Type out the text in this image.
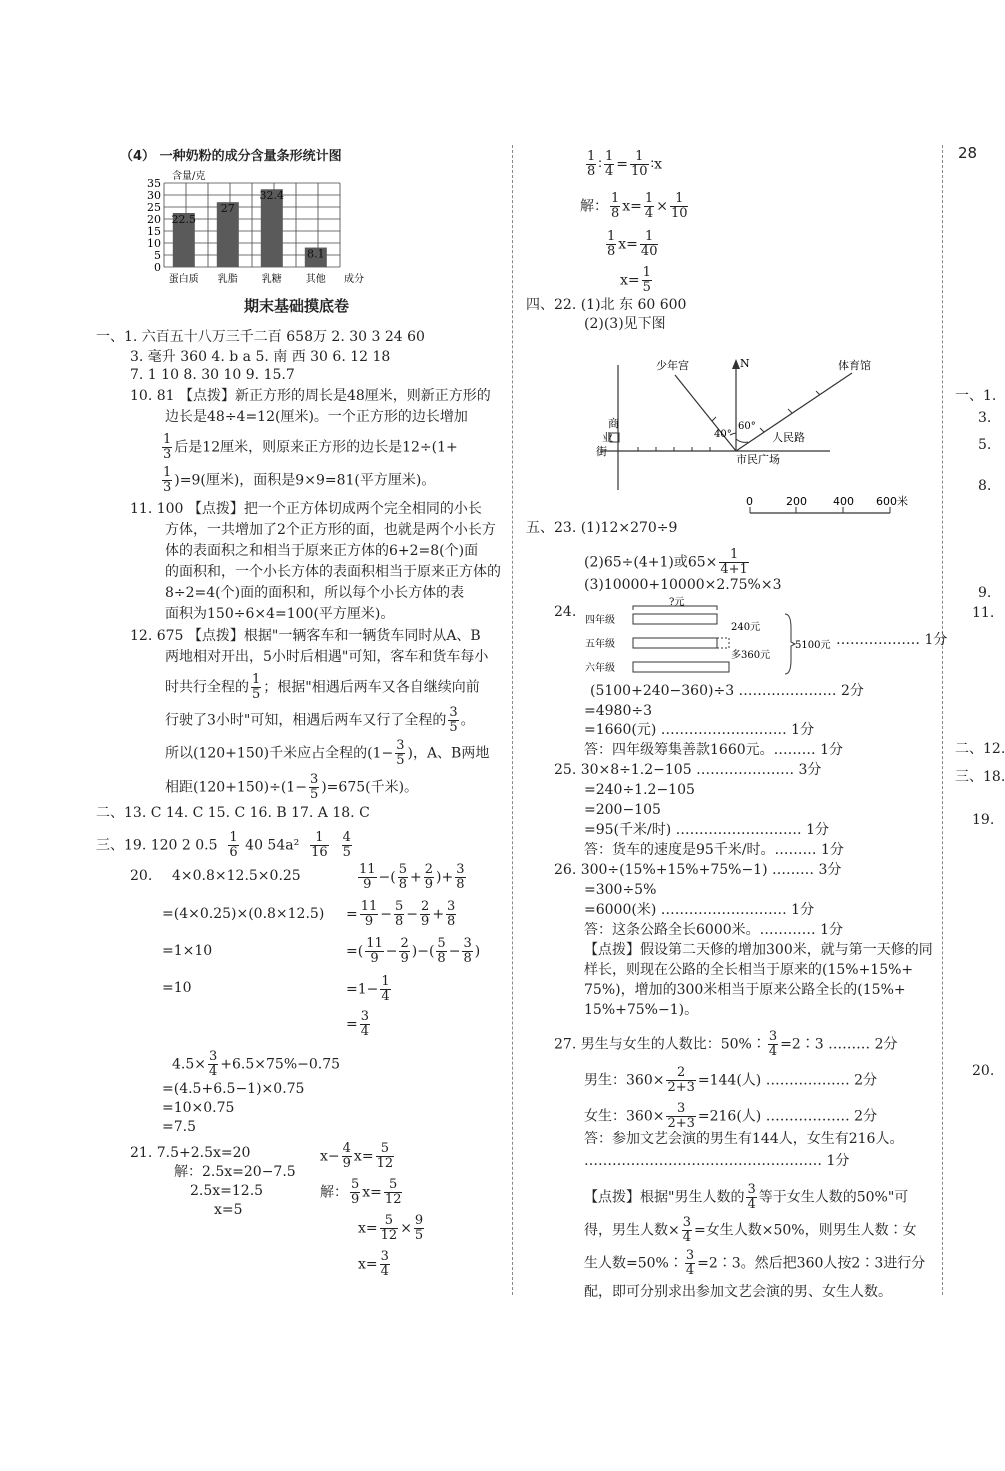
（4） 一种奶粉的成分含量条形统计图
0
5
10
15
20
25
30
35
含量/克
22.5
蛋白质
27
乳脂
32.4
乳糖
8.1
其他 成分
期末基础摸底卷
一、1. 六百五十八万三千二百 658万 2. 30 3 24 60
3. 毫升 360 4. b a 5. 南 西 30 6. 12 18
7. 1 10 8. 30 10 9. 15.7
10. 81 【点拨】新正方形的周长是48厘米，则新正方形的
边长是48÷4=12(厘米)。一个正方形的边长增加
$\frac{1}{3}$ 后是12厘米，则原来正方形的边长是12÷(1+
$\frac{1}{3} )=9$(厘米)，面积是9×9=81(平方厘米)。
11. 100 【点拨】把一个正方体切成两个完全相同的小长
方体，一共增加了2个正方形的面，也就是两个小长方
体的表面积之和相当于原来正方体的6+2=8(个)面
的面积和，一个小长方体的表面积相当于原来正方体的
8÷2=4(个)面的面积和，所以每个小长方体的表
面积为150÷6×4=100(平方厘米)。
12. 675 【点拨】根据"一辆客车和一辆货车同时从A、B
两地相对开出，5小时后相遇"可知，客车和货车每小
时共行全程的 $\frac{1}{5}$ ；根据"相遇后两车又各自继续向前
行驶了3小时"可知，相遇后两车又行了全程的 $\frac{3}{5}$ 。
所以(120+150)千米应占全程的($1- \frac{3}{5}$ )，A、B两地
相距$(120+150)\div(1- \frac{3}{5} )=675$(千米)。
二、13. C 14. C 15. C 16. B 17. A 18. C
三、19. 120 2 $0.5 \frac{1}{6} 40$ $54a^2 \frac{1}{16}$
$\frac{4}{5}$
20. 4×0.8×12.5×0.25
=(4×0.25)×(0.8×12.5)
=1×10
=10
$\frac{11}{9}$ −( $\frac{5}{8} + \frac{2}{9}$ )+ $\frac{3}{8}$
= $\frac{11}{9} - \frac{5}{8} - \frac{2}{9} + \frac{3}{8}$
=( $\frac{11}{9} - \frac{2}{9}$ )−( $\frac{5}{8} - \frac{3}{8}$ )
$=1- \frac{1}{4}$
= $\frac{3}{4}$
$4.5\times \frac{3}{4} +6.5\times 75\%-0.75$
=(4.5+6.5−1)×0.75
=10×0.75
=7.5
21. 7.5+2.5x=20
解：2.5x=20−7.5
2.5x=12.5
x=5
$x- \frac{4}{9} x= \frac{5}{12}$
解： $\frac{5}{9} x= \frac{5}{12}$
$x= \frac{5}{12} \times \frac{9}{5}$
$x= \frac{3}{4}$
$\frac{1}{8}$ ∶ $\frac{1}{4} = \frac{1}{10}$ ∶x
解： $\frac{1}{8} x= \frac{1}{4} \times \frac{1}{10}$
$\frac{1}{8} x= \frac{1}{40}$
$x= \frac{1}{5}$
四、22. (1)北 东 60 600
(2)(3)见下图
N
少年宫	体育馆
40°
60°
人民路
市民广场
商业街
0	200 400 600米
五、23. (1)12×270÷9
(2)65÷(4+1)或$65\times \frac{1}{4+1}$
(3)10000+10000×2.75%×3
24.
四年级
五年级
六年级
?元
240元
多360元
5100元 ……………… 1分
(5100+240−360)÷3 ………………… 2分
=4980÷3
=1660(元) ……………………… 1分
答：四年级筹集善款1660元。……… 1分
25. 30×8÷1.2−105 ………………… 3分
=240÷1.2−105
=200−105
=95(千米/时) ……………………… 1分
答：货车的速度是95千米/时。……… 1分
26. 300÷(15%+15%+75%−1) ……… 3分
=300÷5%
=6000(米) ……………………… 1分
答：这条公路全长6000米。………… 1分
【点拨】假设第二天修的增加300米，就与第一天修的同
样长，则现在公路的全长相当于原来的(15%+15%+
75%)，增加的300米相当于原来公路全长的(15%+
15%+75%−1)。
27. 男生与女生的人数比：50%∶ $\frac{3}{4}$ =2∶3 ……… 2分
男生：$360\times \frac{2}{2+3} =144$(人) ……………… 2分
女生：$360\times \frac{3}{2+3} =216$(人) ……………… 2分
答：参加文艺会演的男生有144人，女生有216人。
…………………………………………… 1分
【点拨】根据"男生人数的 $\frac{3}{4}$ 等于女生人数的50%"可
得，男生人数× $\frac{3}{4}$ =女生人数×50%，则男生人数∶女
生人数=50%∶ $\frac{3}{4}$ =2∶3。然后把360人按2∶3进行分
配，即可分别求出参加文艺会演的男、女生人数。
28
一、1.
3.
5.
8.
9.
11.
二、12.
三、18.
19.
20.
